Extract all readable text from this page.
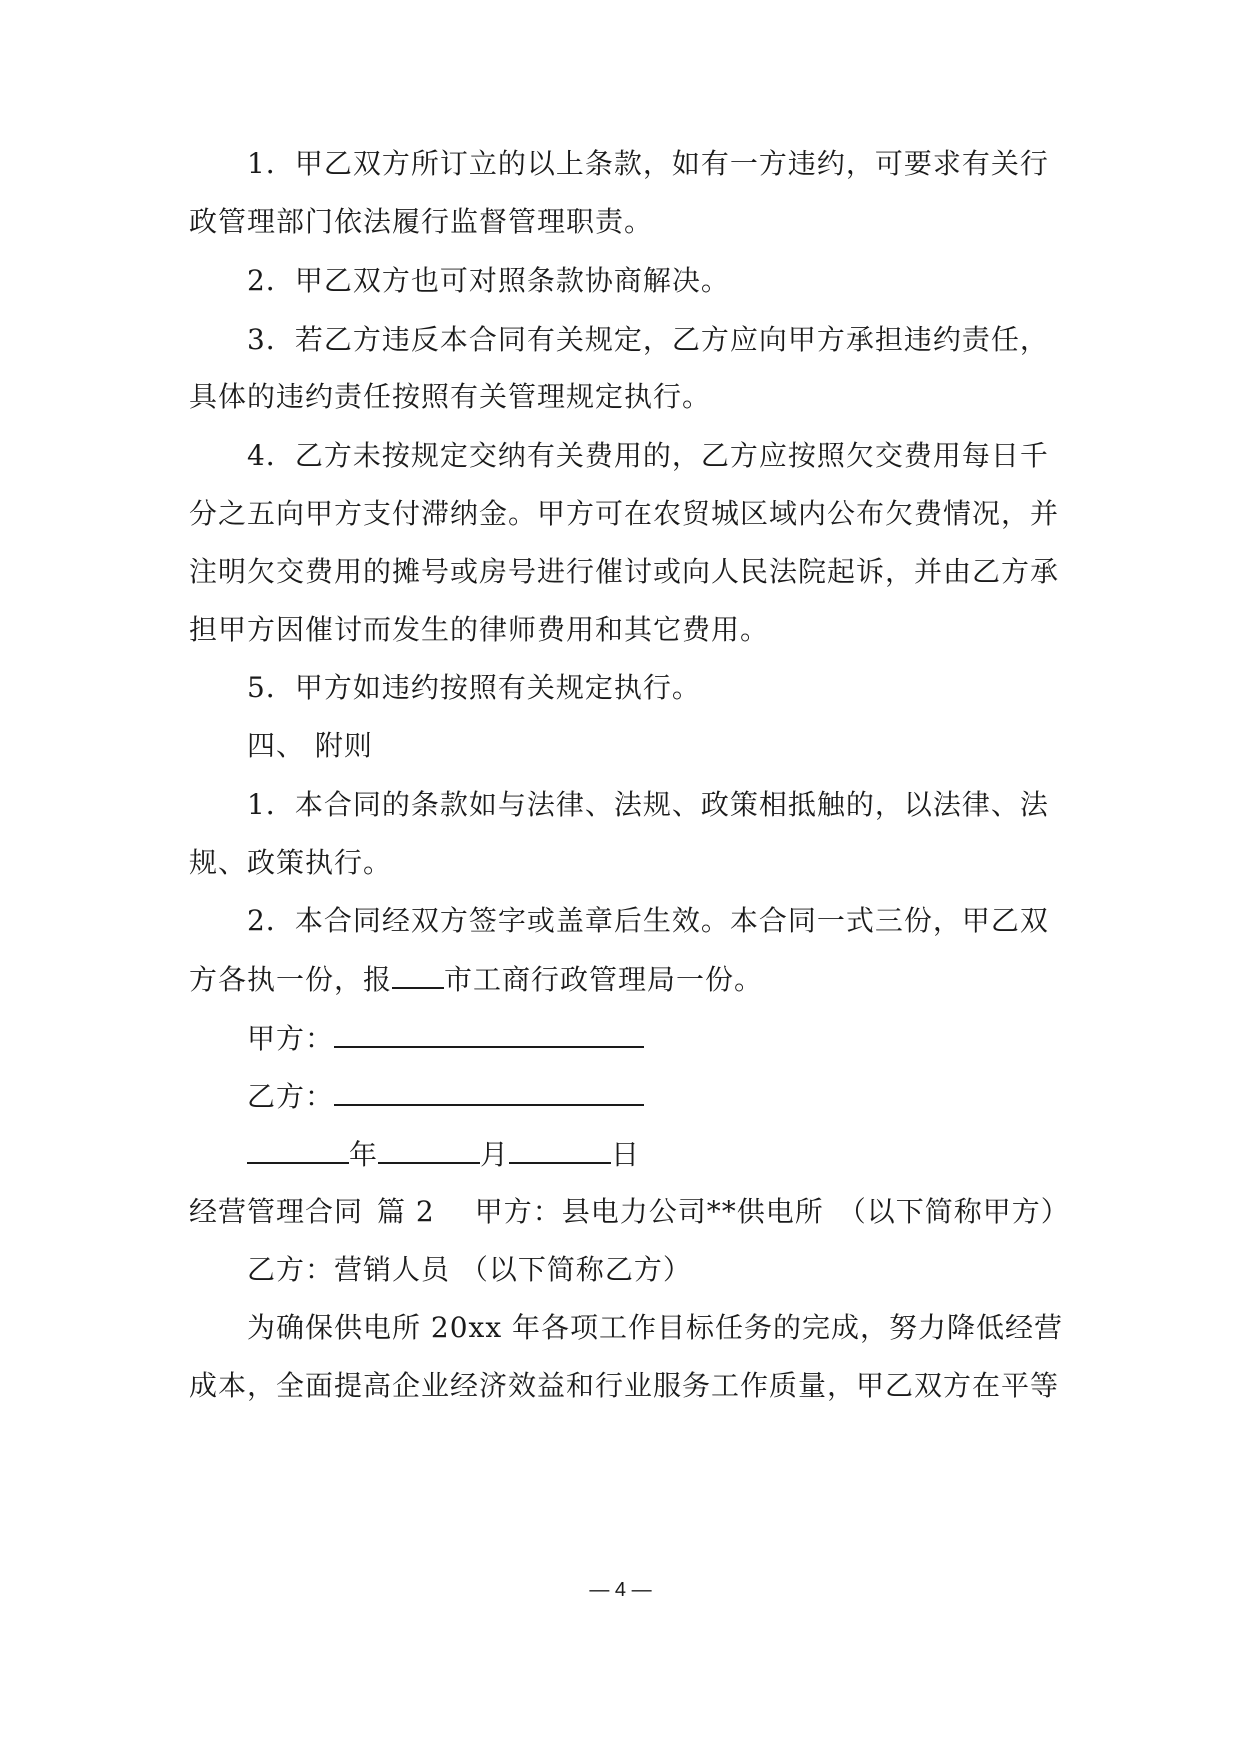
1．甲乙双方所订立的以上条款，如有一方违约，可要求有关行
政管理部门依法履行监督管理职责。
2．甲乙双方也可对照条款协商解决。
3．若乙方违反本合同有关规定，乙方应向甲方承担违约责任，
具体的违约责任按照有关管理规定执行。
4．乙方未按规定交纳有关费用的，乙方应按照欠交费用每日千
分之五向甲方支付滞纳金。甲方可在农贸城区域内公布欠费情况，并
注明欠交费用的摊号或房号进行催讨或向人民法院起诉，并由乙方承
担甲方因催讨而发生的律师费用和其它费用。
5．甲方如违约按照有关规定执行。
四、 附则
1．本合同的条款如与法律、法规、政策相抵触的，以法律、法
规、政策执行。
2．本合同经双方签字或盖章后生效。本合同一式三份，甲乙双
方各执一份，报 市工商行政管理局一份。
甲方：
乙方：
年	月	日
经营管理合同 篇 2 甲方：县电力公司**供电所 （以下简称甲方）
乙方：营销人员 （以下简称乙方）
为确保供电所 20xx 年各项工作目标任务的完成，努力降低经营
成本，全面提高企业经济效益和行业服务工作质量，甲乙双方在平等
— 4 —
